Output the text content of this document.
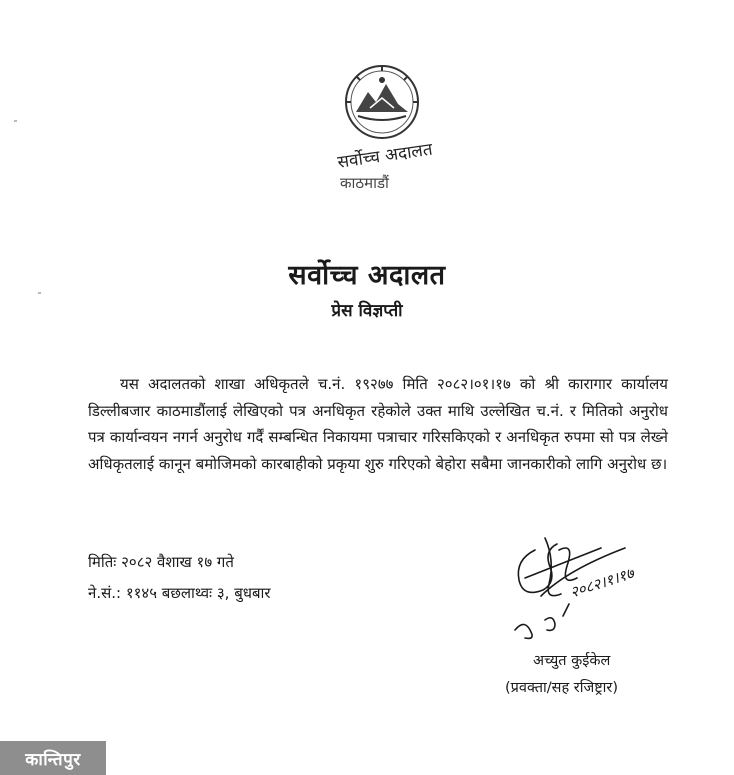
सर्वोच्च अदालत
काठमाडौं
सर्वोच्च अदालत
प्रेस विज्ञप्ती

यस अदालतको शाखा अधिकृतले च.नं. १९२७७ मिति २०८२।०१।१७ को श्री कारागार कार्यालय डिल्लीबजार काठमाडौंलाई लेखिएको पत्र अनधिकृत रहेकोले उक्त माथि उल्लेखित च.नं. र मितिको अनुरोध पत्र कार्यान्वयन नगर्न अनुरोध गर्दैं सम्बन्धित निकायमा पत्राचार गरिसकिएको र अनधिकृत रुपमा सो पत्र लेख्ने अधिकृतलाई कानून बमोजिमको कारबाहीको प्रकृया शुरु गरिएको बेहोरा सबैमा जानकारीको लागि अनुरोध छ।

मितिः २०८२ वैशाख १७ गते
ने.सं.: ११४५ बछलाथ्वः ३, बुधबार	२०८२।१।१७
अच्युत कुईकेल
(प्रवक्ता/सह रजिष्ट्रार)
कान्तिपुर
